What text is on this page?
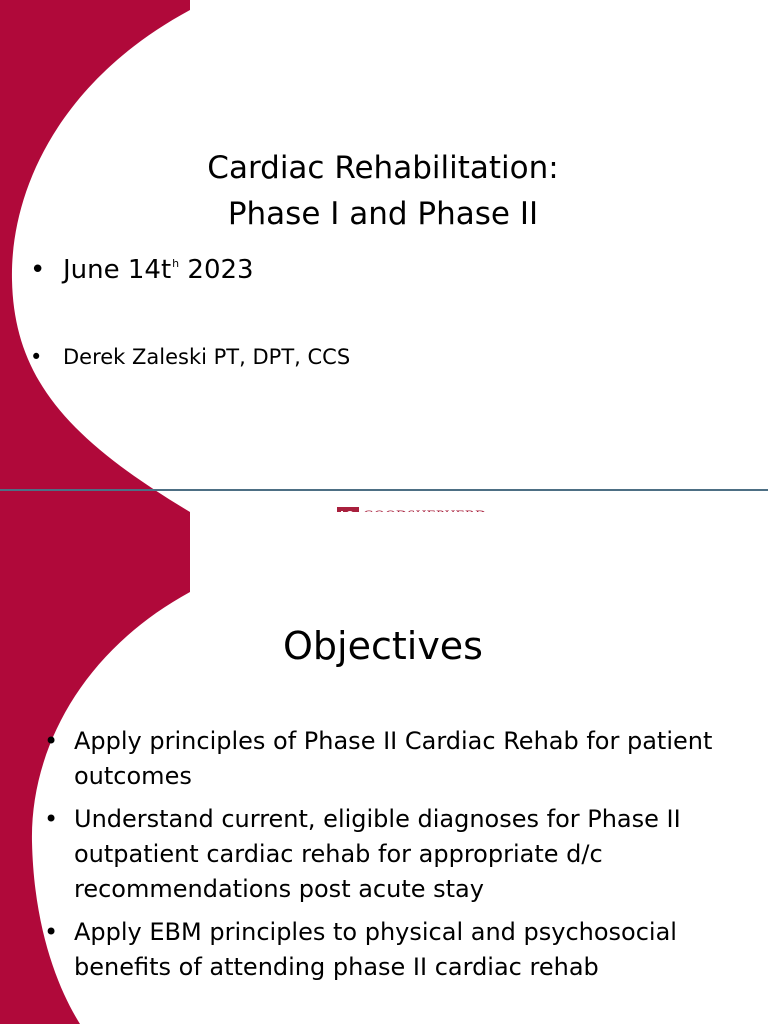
Cardiac Rehabilitation:
Phase I and Phase II
• June $14t^h$ 2023
• Derek Zaleski PT, DPT, CCS
Objectives
• Apply principles of Phase II Cardiac Rehab for patient outcomes
• Understand current, eligible diagnoses for Phase II outpatient cardiac rehab for appropriate d/c recommendations post acute stay
• Apply EBM principles to physical and psychosocial benefits of attending phase II cardiac rehab
